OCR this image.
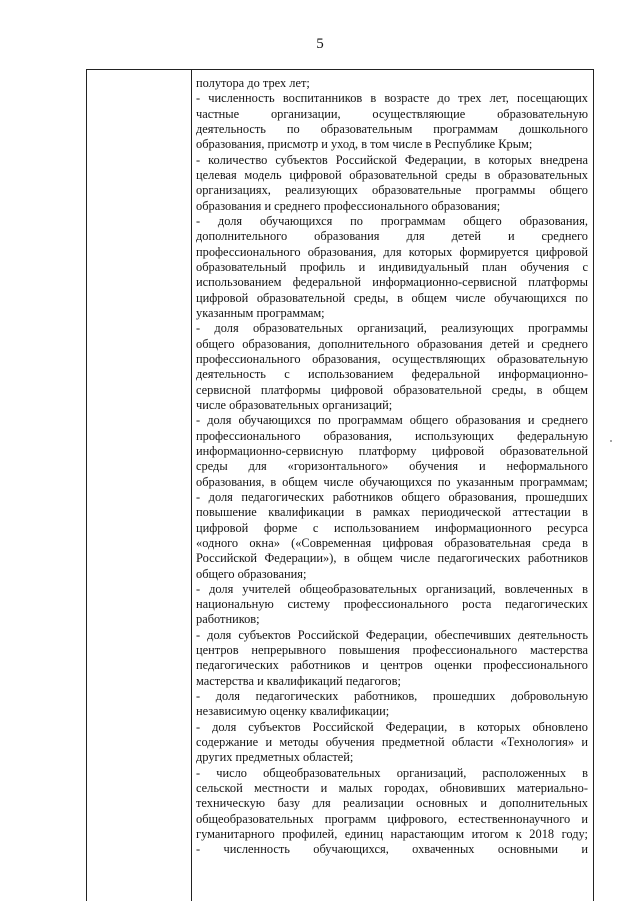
5
полутора до трех лет;
- численность воспитанников в возрасте до трех лет, посещающих
частные организации, осуществляющие образовательную
деятельность по образовательным программам дошкольного
образования, присмотр и уход, в том числе в Республике Крым;
- количество субъектов Российской Федерации, в которых внедрена
целевая модель цифровой образовательной среды в образовательных
организациях, реализующих образовательные программы общего
образования и среднего профессионального образования;
- доля обучающихся по программам общего образования,
дополнительного образования для детей и среднего
профессионального образования, для которых формируется цифровой
образовательный профиль и индивидуальный план обучения с
использованием федеральной информационно-сервисной платформы
цифровой образовательной среды, в общем числе обучающихся по
указанным программам;
- доля образовательных организаций, реализующих программы
общего образования, дополнительного образования детей и среднего
профессионального образования, осуществляющих образовательную
деятельность с использованием федеральной информационно-
сервисной платформы цифровой образовательной среды, в общем
числе образовательных организаций;
- доля обучающихся по программам общего образования и среднего
профессионального образования, использующих федеральную
информационно-сервисную платформу цифровой образовательной
среды для «горизонтального» обучения и неформального
образования, в общем числе обучающихся по указанным программам;
- доля педагогических работников общего образования, прошедших
повышение квалификации в рамках периодической аттестации в
цифровой форме с использованием информационного ресурса
«одного окна» («Современная цифровая образовательная среда в
Российской Федерации»), в общем числе педагогических работников
общего образования;
- доля учителей общеобразовательных организаций, вовлеченных в
национальную систему профессионального роста педагогических
работников;
- доля субъектов Российской Федерации, обеспечивших деятельность
центров непрерывного повышения профессионального мастерства
педагогических работников и центров оценки профессионального
мастерства и квалификаций педагогов;
- доля педагогических работников, прошедших добровольную
независимую оценку квалификации;
- доля субъектов Российской Федерации, в которых обновлено
содержание и методы обучения предметной области «Технология» и
других предметных областей;
- число общеобразовательных организаций, расположенных в
сельской местности и малых городах, обновивших материально-
техническую базу для реализации основных и дополнительных
общеобразовательных программ цифрового, естественнонаучного и
гуманитарного профилей, единиц нарастающим итогом к 2018 году;
- численность обучающихся, охваченных основными и
